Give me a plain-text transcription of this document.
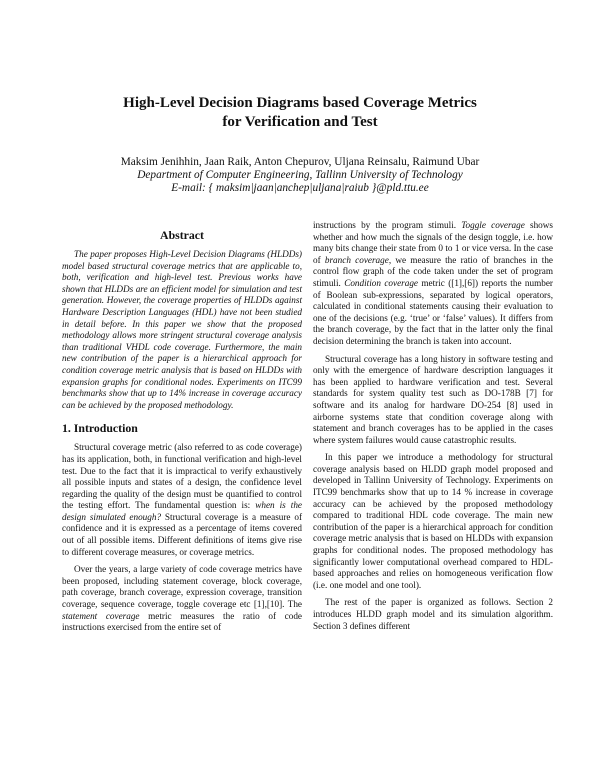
High-Level Decision Diagrams based Coverage Metrics
for Verification and Test
Maksim Jenihhin, Jaan Raik, Anton Chepurov, Uljana Reinsalu, Raimund Ubar
Department of Computer Engineering, Tallinn University of Technology
E-mail: { maksim|jaan|anchep|uljana|raiub }@pld.ttu.ee
Abstract

The paper proposes High-Level Decision Diagrams (HLDDs) model based structural coverage metrics that are applicable to, both, verification and high-level test. Previous works have shown that HLDDs are an efficient model for simulation and test generation. However, the coverage properties of HLDDs against Hardware Description Languages (HDL) have not been studied in detail before. In this paper we show that the proposed methodology allows more stringent structural coverage analysis than traditional VHDL code coverage. Furthermore, the main new contribution of the paper is a hierarchical approach for condition coverage metric analysis that is based on HLDDs with expansion graphs for conditional nodes. Experiments on ITC99 benchmarks show that up to 14% increase in coverage accuracy can be achieved by the proposed methodology.

1. Introduction

Structural coverage metric (also referred to as code coverage) has its application, both, in functional verification and high-level test. Due to the fact that it is impractical to verify exhaustively all possible inputs and states of a design, the confidence level regarding the quality of the design must be quantified to control the testing effort. The fundamental question is: when is the design simulated enough? Structural coverage is a measure of confidence and it is expressed as a percentage of items covered out of all possible items. Different definitions of items give rise to different coverage measures, or coverage metrics.

Over the years, a large variety of code coverage metrics have been proposed, including statement coverage, block coverage, path coverage, branch coverage, expression coverage, transition coverage, sequence coverage, toggle coverage etc [1],[10]. The statement coverage metric measures the ratio of code instructions exercised from the entire set of

instructions by the program stimuli. Toggle coverage shows whether and how much the signals of the design toggle, i.e. how many bits change their state from 0 to 1 or vice versa. In the case of branch coverage, we measure the ratio of branches in the control flow graph of the code taken under the set of program stimuli. Condition coverage metric ([1],[6]) reports the number of Boolean sub-expressions, separated by logical operators, calculated in conditional statements causing their evaluation to one of the decisions (e.g. ‘true’ or ‘false’ values). It differs from the branch coverage, by the fact that in the latter only the final decision determining the branch is taken into account.

Structural coverage has a long history in software testing and only with the emergence of hardware description languages it has been applied to hardware verification and test. Several standards for system quality test such as DO-178B [7] for software and its analog for hardware DO-254 [8] used in airborne systems state that condition coverage along with statement and branch coverages has to be applied in the cases where system failures would cause catastrophic results.

In this paper we introduce a methodology for structural coverage analysis based on HLDD graph model proposed and developed in Tallinn University of Technology. Experiments on ITC99 benchmarks show that up to 14 % increase in coverage accuracy can be achieved by the proposed methodology compared to traditional HDL code coverage. The main new contribution of the paper is a hierarchical approach for condition coverage metric analysis that is based on HLDDs with expansion graphs for conditional nodes. The proposed methodology has significantly lower computational overhead compared to HDL-based approaches and relies on homogeneous verification flow (i.e. one model and one tool).

The rest of the paper is organized as follows. Section 2 introduces HLDD graph model and its simulation algorithm. Section 3 defines different
